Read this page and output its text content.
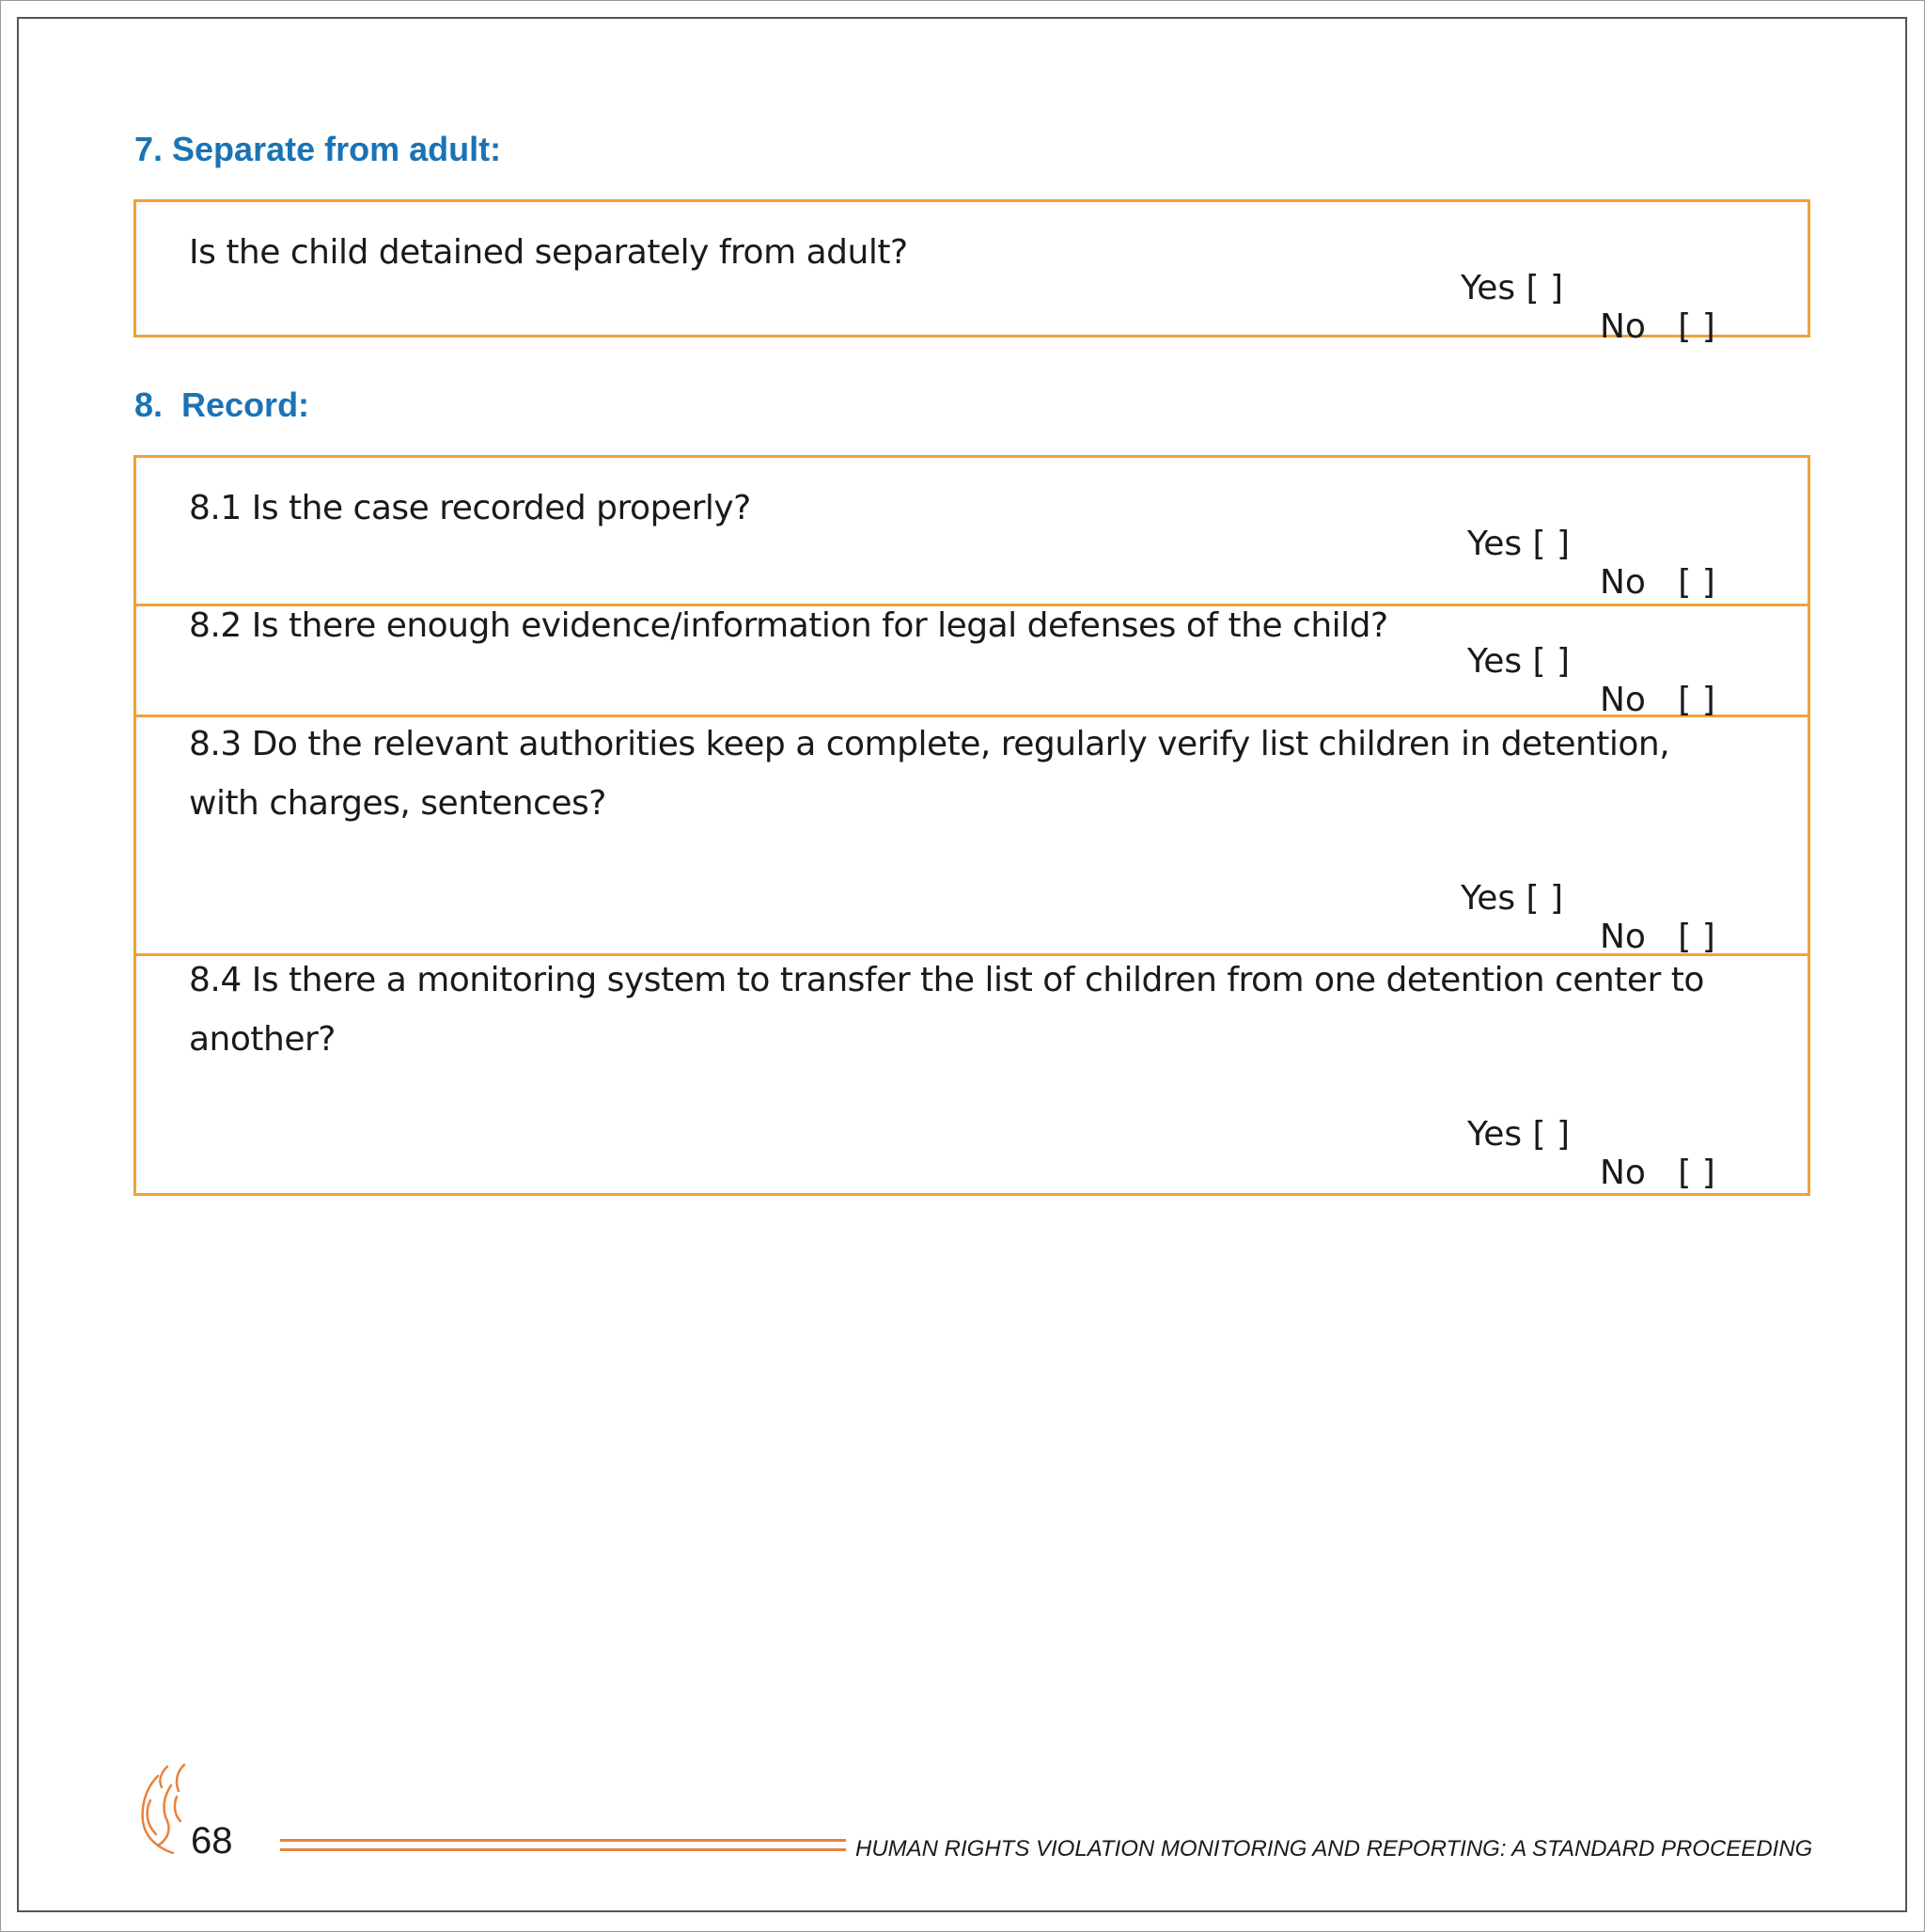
7. Separate from adult:
Is the child detained separately from adult?

Yes [ ]

No   [ ]

8.  Record:
8.1 Is the case recorded properly?

Yes [ ]

No   [ ]

8.2 Is there enough evidence/information for legal defenses of the child?

Yes [ ]

No   [ ]

8.3 Do the relevant authorities keep a complete, regularly verify list children in detention, with charges, sentences?

Yes [ ]

No   [ ]

8.4 Is there a monitoring system to transfer the list of children from one detention center to another?

Yes [ ]

No   [ ]

68	HUMAN RIGHTS VIOLATION MONITORING AND REPORTING: A STANDARD PROCEEDING
